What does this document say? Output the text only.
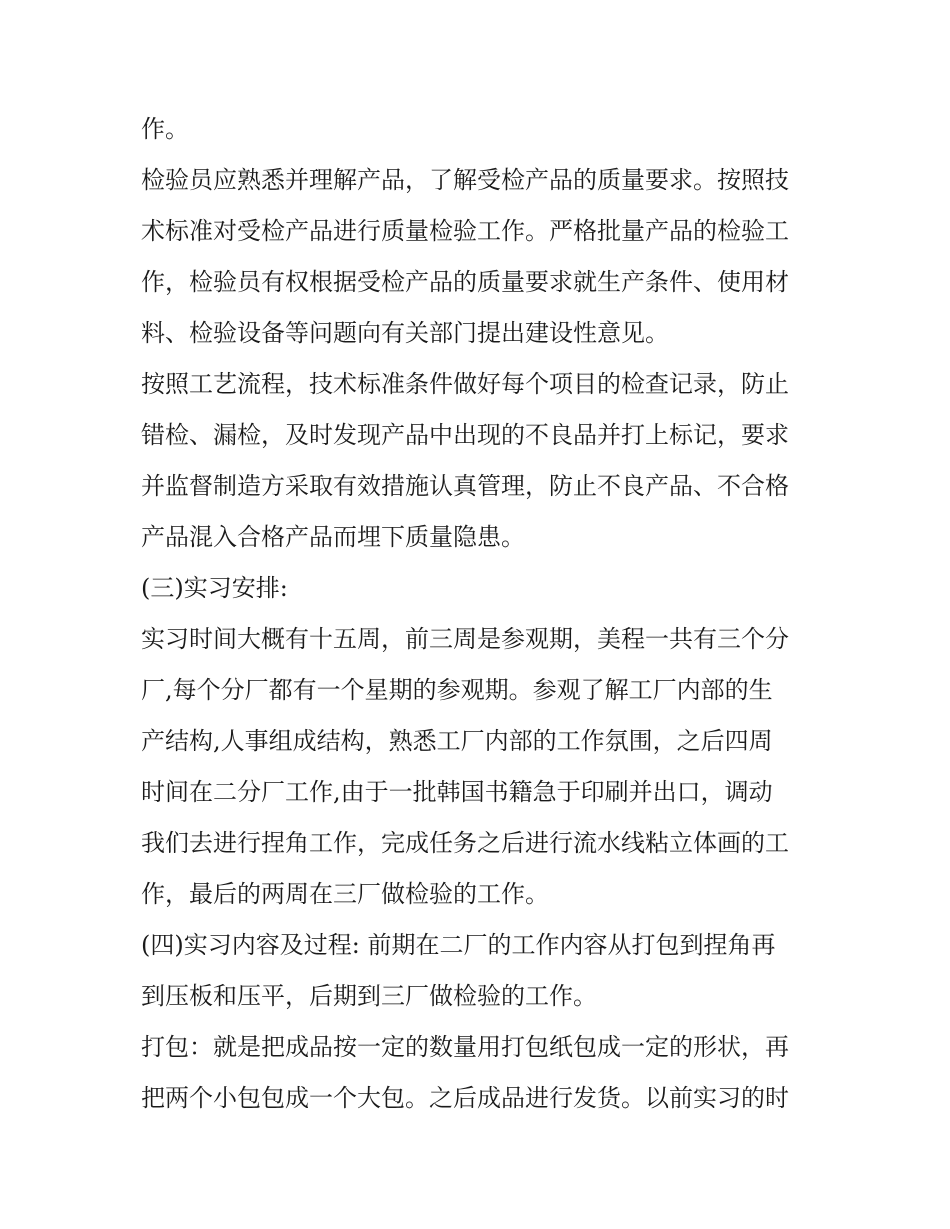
作。
检验员应熟悉并理解产品，了解受检产品的质量要求。按照技
术标准对受检产品进行质量检验工作。严格批量产品的检验工
作，检验员有权根据受检产品的质量要求就生产条件、使用材
料、检验设备等问题向有关部门提出建设性意见。
按照工艺流程，技术标准条件做好每个项目的检查记录，防止
错检、漏检，及时发现产品中出现的不良品并打上标记，要求
并监督制造方采取有效措施认真管理，防止不良产品、不合格
产品混入合格产品而埋下质量隐患。
(三)实习安排:
实习时间大概有十五周，前三周是参观期，美程一共有三个分
厂,每个分厂都有一个星期的参观期。参观了解工厂内部的生
产结构,人事组成结构，熟悉工厂内部的工作氛围，之后四周
时间在二分厂工作,由于一批韩国书籍急于印刷并出口，调动
我们去进行捏角工作，完成任务之后进行流水线粘立体画的工
作，最后的两周在三厂做检验的工作。
(四)实习内容及过程: 前期在二厂的工作内容从打包到捏角再
到压板和压平，后期到三厂做检验的工作。
打包：就是把成品按一定的数量用打包纸包成一定的形状，再
把两个小包包成一个大包。之后成品进行发货。以前实习的时
